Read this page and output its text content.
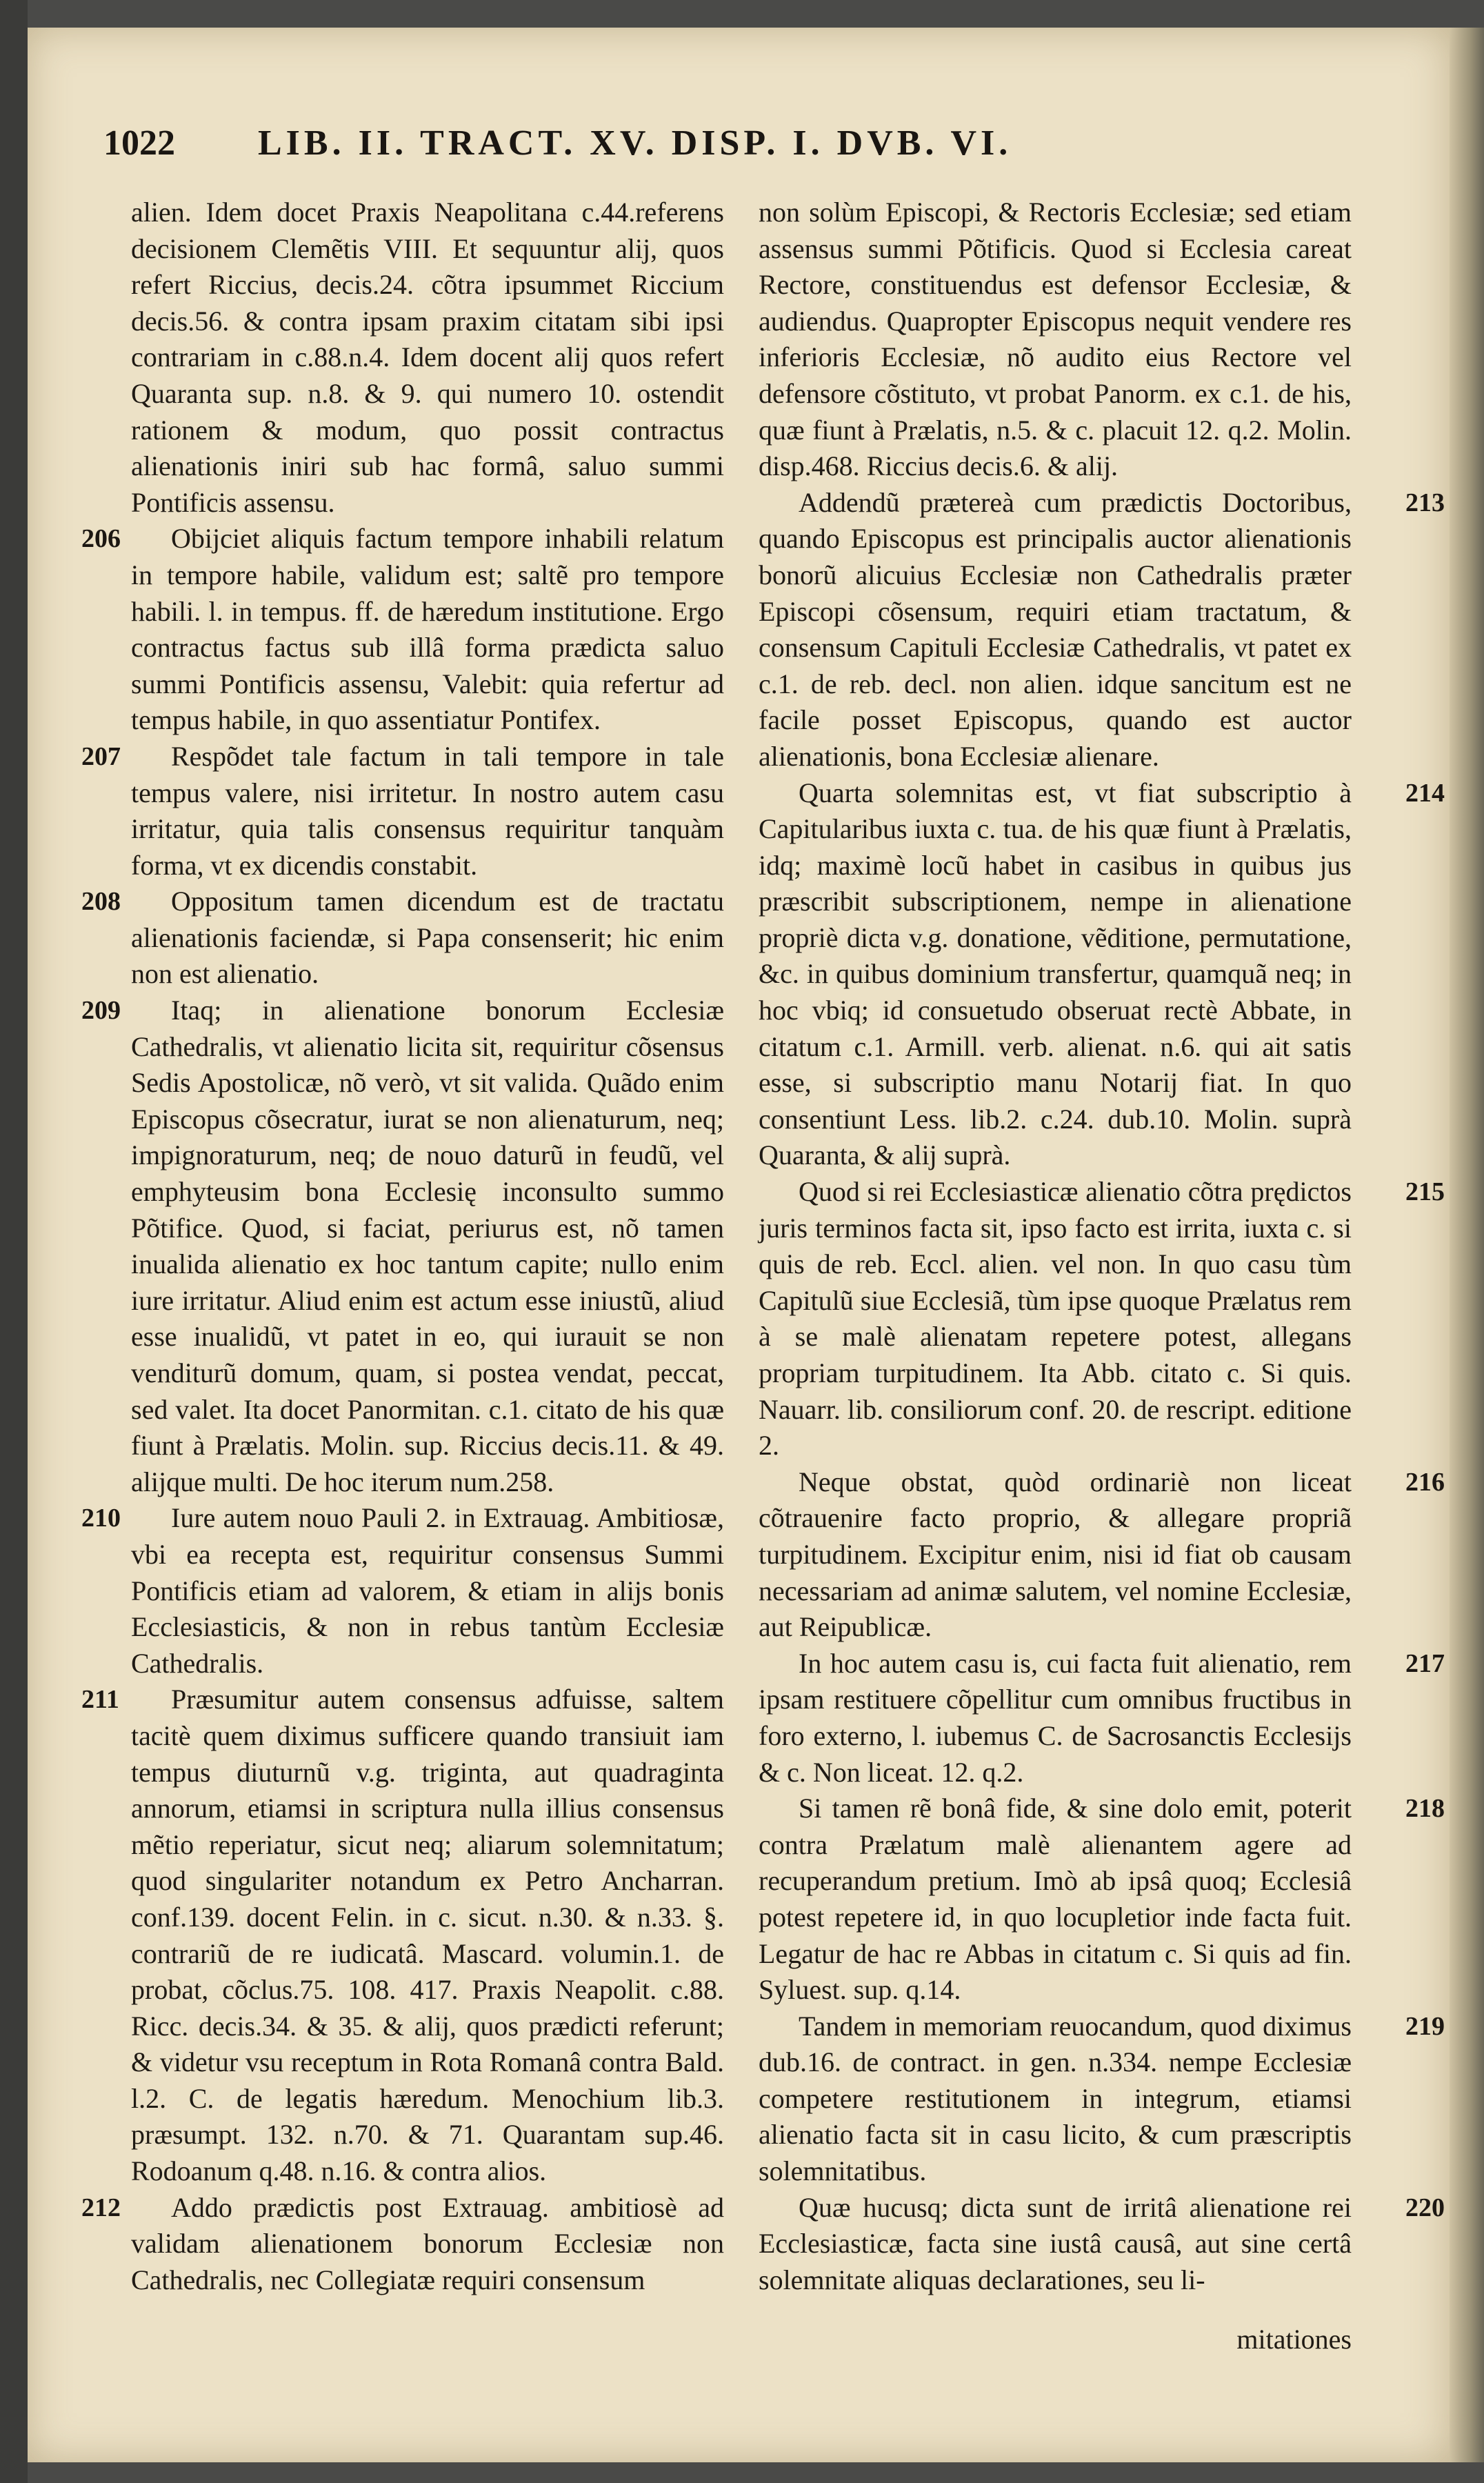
1022 LIB. II. TRACT. XV. DISP. I. DVB. VI.

alien. Idem docet Praxis Neapolitana c.44.referens decisionem Clemẽtis VIII. Et sequuntur alij, quos refert Riccius, decis.24. cõtra ipsummet Riccium decis.56. & contra ipsam praxim citatam sibi ipsi contrariam in c.88.n.4. Idem docent alij quos refert Quaranta sup. n.8. & 9. qui numero 10. ostendit rationem & modum, quo possit contractus alienationis iniri sub hac formâ, saluo summi Pontificis assensu.

206 Obijciet aliquis factum tempore inhabili relatum in tempore habile, validum est; saltẽ pro tempore habili. l. in tempus. ff. de hæredum institutione. Ergo contractus factus sub illâ forma prædicta saluo summi Pontificis assensu, Valebit: quia refertur ad tempus habile, in quo assentiatur Pontifex.

207 Respõdet tale factum in tali tempore in tale tempus valere, nisi irritetur. In nostro autem casu irritatur, quia talis consensus requiritur tanquàm forma, vt ex dicendis constabit.

208 Oppositum tamen dicendum est de tractatu alienationis faciendæ, si Papa consenserit; hic enim non est alienatio.

209 Itaq; in alienatione bonorum Ecclesiæ Cathedralis, vt alienatio licita sit, requiritur cõsensus Sedis Apostolicæ, nõ verò, vt sit valida. Quãdo enim Episcopus cõsecratur, iurat se non alienaturum, neq; impignoraturum, neq; de nouo daturũ in feudũ, vel emphyteusim bona Ecclesię inconsulto summo Põtifice. Quod, si faciat, periurus est, nõ tamen inualida alienatio ex hoc tantum capite; nullo enim iure irritatur. Aliud enim est actum esse iniustũ, aliud esse inualidũ, vt patet in eo, qui iurauit se non venditurũ domum, quam, si postea vendat, peccat, sed valet. Ita docet Panormitan. c.1. citato de his quæ fiunt à Prælatis. Molin. sup. Riccius decis.11. & 49. alijque multi. De hoc iterum num.258.

210 Iure autem nouo Pauli 2. in Extrauag. Ambitiosæ, vbi ea recepta est, requiritur consensus Summi Pontificis etiam ad valorem, & etiam in alijs bonis Ecclesiasticis, & non in rebus tantùm Ecclesiæ Cathedralis.

211 Præsumitur autem consensus adfuisse, saltem tacitè quem diximus sufficere quando transiuit iam tempus diuturnũ v.g. triginta, aut quadraginta annorum, etiamsi in scriptura nulla illius consensus mẽtio reperiatur, sicut neq; aliarum solemnitatum; quod singulariter notandum ex Petro Ancharran. conf.139. docent Felin. in c. sicut. n.30. & n.33. §. contrariũ de re iudicatâ. Mascard. volumin.1. de probat, cõclus.75. 108. 417. Praxis Neapolit. c.88. Ricc. decis.34. & 35. & alij, quos prædicti referunt; & videtur vsu receptum in Rota Romanâ contra Bald. l.2. C. de legatis hæredum. Menochium lib.3. præsumpt. 132. n.70. & 71. Quarantam sup.46. Rodoanum q.48. n.16. & contra alios.

212 Addo prædictis post Extrauag. ambitiosè ad validam alienationem bonorum Ecclesiæ non Cathedralis, nec Collegiatæ requiri consensum

non solùm Episcopi, & Rectoris Ecclesiæ; sed etiam assensus summi Põtificis. Quod si Ecclesia careat Rectore, constituendus est defensor Ecclesiæ, & audiendus. Quapropter Episcopus nequit vendere res inferioris Ecclesiæ, nõ audito eius Rectore vel defensore cõstituto, vt probat Panorm. ex c.1. de his, quæ fiunt à Prælatis, n.5. & c. placuit 12. q.2. Molin. disp.468. Riccius decis.6. & alij.

213
Addendũ prætereà cum prædictis Doctoribus, quando Episcopus est principalis auctor alienationis bonorũ alicuius Ecclesiæ non Cathedralis præter Episcopi cõsensum, requiri etiam tractatum, & consensum Capituli Ecclesiæ Cathedralis, vt patet ex c.1. de reb. decl. non alien. idque sancitum est ne facile posset Episcopus, quando est auctor alienationis, bona Ecclesiæ alienare.

214
Quarta solemnitas est, vt fiat subscriptio à Capitularibus iuxta c. tua. de his quæ fiunt à Prælatis, idq; maximè locũ habet in casibus in quibus jus præscribit subscriptionem, nempe in alienatione propriè dicta v.g. donatione, vẽditione, permutatione, &c. in quibus dominium transfertur, quamquã neq; in hoc vbiq; id consuetudo obseruat rectè Abbate, in citatum c.1. Armill. verb. alienat. n.6. qui ait satis esse, si subscriptio manu Notarij fiat. In quo consentiunt Less. lib.2. c.24. dub.10. Molin. suprà Quaranta, & alij suprà.

215
Quod si rei Ecclesiasticæ alienatio cõtra prędictos juris terminos facta sit, ipso facto est irrita, iuxta c. si quis de reb. Eccl. alien. vel non. In quo casu tùm Capitulũ siue Ecclesiã, tùm ipse quoque Prælatus rem à se malè alienatam repetere potest, allegans propriam turpitudinem. Ita Abb. citato c. Si quis. Nauarr. lib. consiliorum conf. 20. de rescript. editione 2.

216
Neque obstat, quòd ordinariè non liceat cõtrauenire facto proprio, & allegare propriã turpitudinem. Excipitur enim, nisi id fiat ob causam necessariam ad animæ salutem, vel nomine Ecclesiæ, aut Reipublicæ.

217
In hoc autem casu is, cui facta fuit alienatio, rem ipsam restituere cõpellitur cum omnibus fructibus in foro externo, l. iubemus C. de Sacrosanctis Ecclesijs & c. Non liceat. 12. q.2.

218
Si tamen rẽ bonâ fide, & sine dolo emit, poterit contra Prælatum malè alienantem agere ad recuperandum pretium. Imò ab ipsâ quoq; Ecclesiâ potest repetere id, in quo locupletior inde facta fuit. Legatur de hac re Abbas in citatum c. Si quis ad fin. Syluest. sup. q.14.

219
Tandem in memoriam reuocandum, quod diximus dub.16. de contract. in gen. n.334. nempe Ecclesiæ competere restitutionem in integrum, etiamsi alienatio facta sit in casu licito, & cum præscriptis solemnitatibus.

220
Quæ hucusq; dicta sunt de irritâ alienatione rei Ecclesiasticæ, facta sine iustâ causâ, aut sine certâ solemnitate aliquas declarationes, seu li-

mitationes
